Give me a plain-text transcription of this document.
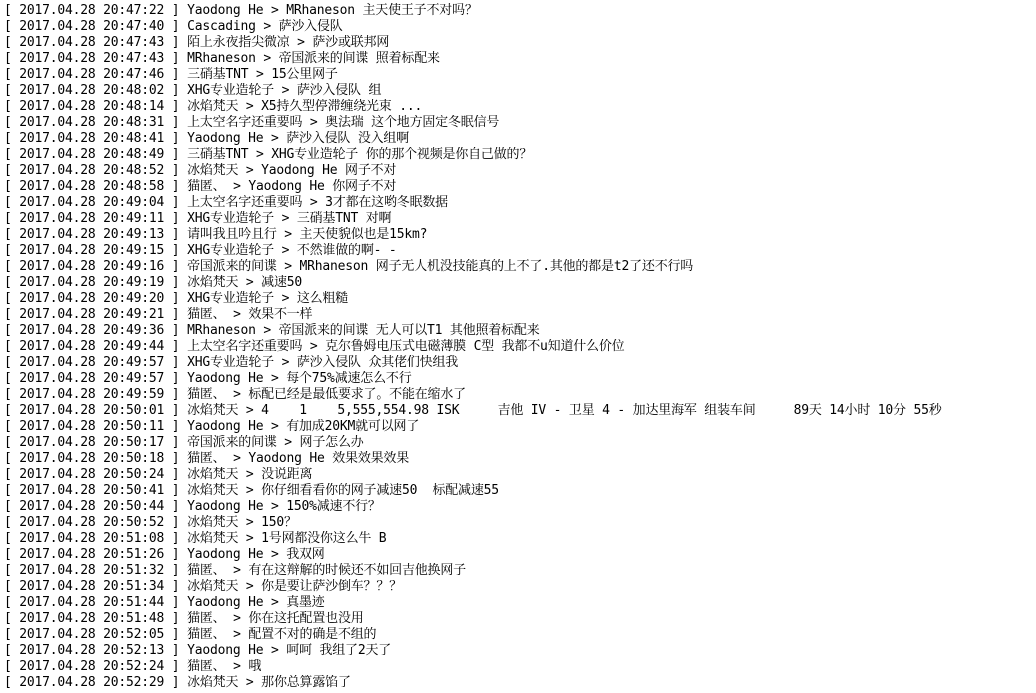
[ 2017.04.28 20:47:22 ] Yaodong He > MRhaneson 主天使王子不对吗？
[ 2017.04.28 20:47:40 ] Cascading > 萨沙入侵队
[ 2017.04.28 20:47:43 ] 陌上永夜指尖微凉 > 萨沙或联邦网
[ 2017.04.28 20:47:43 ] MRhaneson > 帝国派来的间谍 照着标配来
[ 2017.04.28 20:47:46 ] 三硝基TNT > 15公里网子
[ 2017.04.28 20:48:02 ] XHG专业造轮子 > 萨沙入侵队 组
[ 2017.04.28 20:48:14 ] 冰焰梵天 > X5持久型停滞缠绕光束 ...
[ 2017.04.28 20:48:31 ] 上太空名字还重要吗 > 奥法瑞 这个地方固定冬眠信号
[ 2017.04.28 20:48:41 ] Yaodong He > 萨沙入侵队 没入组啊
[ 2017.04.28 20:48:49 ] 三硝基TNT > XHG专业造轮子 你的那个视频是你自己做的？
[ 2017.04.28 20:48:52 ] 冰焰梵天 > Yaodong He 网子不对
[ 2017.04.28 20:48:58 ] 猫匿、 > Yaodong He 你网子不对
[ 2017.04.28 20:49:04 ] 上太空名字还重要吗 > 3才都在这哟冬眠数据
[ 2017.04.28 20:49:11 ] XHG专业造轮子 > 三硝基TNT 对啊
[ 2017.04.28 20:49:13 ] 请叫我且吟且行 > 主天使貌似也是15km?
[ 2017.04.28 20:49:15 ] XHG专业造轮子 > 不然谁做的啊- -
[ 2017.04.28 20:49:16 ] 帝国派来的间谍 > MRhaneson 网子无人机没技能真的上不了.其他的都是t2了还不行吗
[ 2017.04.28 20:49:19 ] 冰焰梵天 > 减速50
[ 2017.04.28 20:49:20 ] XHG专业造轮子 > 这么粗糙
[ 2017.04.28 20:49:21 ] 猫匿、 > 效果不一样
[ 2017.04.28 20:49:36 ] MRhaneson > 帝国派来的间谍 无人可以T1 其他照着标配来
[ 2017.04.28 20:49:44 ] 上太空名字还重要吗 > 克尔鲁姆电压式电磁薄膜 C型 我都不u知道什么价位
[ 2017.04.28 20:49:57 ] XHG专业造轮子 > 萨沙入侵队 众其佬们快组我
[ 2017.04.28 20:49:57 ] Yaodong He > 每个75%减速怎么不行
[ 2017.04.28 20:49:59 ] 猫匿、 > 标配已经是最低要求了。不能在缩水了
[ 2017.04.28 20:50:01 ] 冰焰梵天 > 4    1    5,555,554.98 ISK     吉他 IV - 卫星 4 - 加达里海军 组装车间     89天 14小时 10分 55秒
[ 2017.04.28 20:50:11 ] Yaodong He > 有加成20KM就可以网了
[ 2017.04.28 20:50:17 ] 帝国派来的间谍 > 网子怎么办
[ 2017.04.28 20:50:18 ] 猫匿、 > Yaodong He 效果效果效果
[ 2017.04.28 20:50:24 ] 冰焰梵天 > 没说距离
[ 2017.04.28 20:50:41 ] 冰焰梵天 > 你仔细看看你的网子减速50  标配减速55
[ 2017.04.28 20:50:44 ] Yaodong He > 150%减速不行？
[ 2017.04.28 20:50:52 ] 冰焰梵天 > 150？
[ 2017.04.28 20:51:08 ] 冰焰梵天 > 1号网都没你这么牛 B
[ 2017.04.28 20:51:26 ] Yaodong He > 我双网
[ 2017.04.28 20:51:32 ] 猫匿、 > 有在这辩解的时候还不如回吉他换网子
[ 2017.04.28 20:51:34 ] 冰焰梵天 > 你是要让萨沙倒车？？？
[ 2017.04.28 20:51:44 ] Yaodong He > 真墨迹
[ 2017.04.28 20:51:48 ] 猫匿、 > 你在这托配置也没用
[ 2017.04.28 20:52:05 ] 猫匿、 > 配置不对的确是不组的
[ 2017.04.28 20:52:13 ] Yaodong He > 呵呵 我组了2天了
[ 2017.04.28 20:52:24 ] 猫匿、 > 哦
[ 2017.04.28 20:52:29 ] 冰焰梵天 > 那你总算露馅了
